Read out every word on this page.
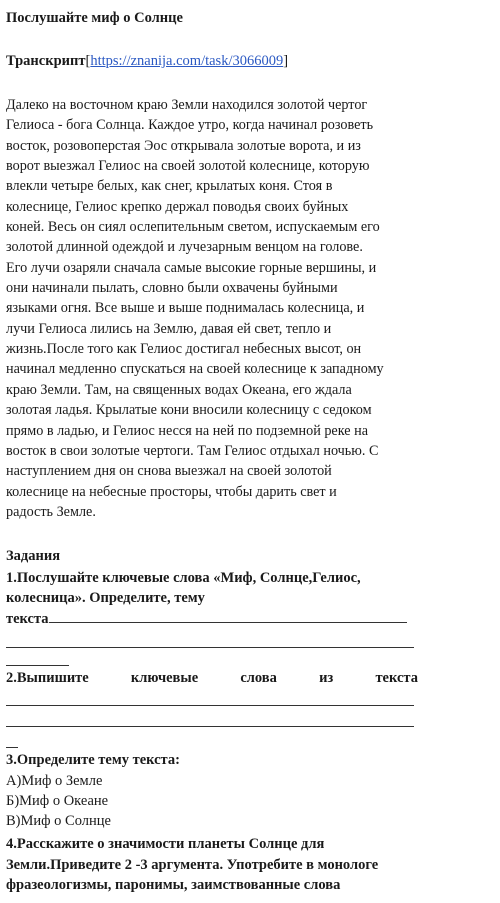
Послушайте миф о Солнце
Транскрипт[https://znanija.com/task/3066009]

Далеко на восточном краю Земли находился золотой чертог

Гелиоса - бога Солнца. Каждое утро, когда начинал розоветь

восток, розовоперстая Эос открывала золотые ворота, и из

ворот выезжал Гелиос на своей золотой колеснице, которую

влекли четыре белых, как снег, крылатых коня. Стоя в

колеснице, Гелиос крепко держал поводья своих буйных

коней. Весь он сиял ослепительным светом, испускаемым его

золотой длинной одеждой и лучезарным венцом на голове.

Его лучи озаряли сначала самые высокие горные вершины, и

они начинали пылать, словно были охвачены буйными

языками огня. Все выше и выше поднималась колесница, и

лучи Гелиоса лились на Землю, давая ей свет, тепло и

жизнь.После того как Гелиос достигал небесных высот, он

начинал медленно спускаться на своей колеснице к западному

краю Земли. Там, на священных водах Океана, его ждала

золотая ладья. Крылатые кони вносили колесницу с седоком

прямо в ладью, и Гелиос несся на ней по подземной реке на

восток в свои золотые чертоги. Там Гелиос отдыхал ночью. С

наступлением дня он снова выезжал на своей золотой

колеснице на небесные просторы, чтобы дарить свет и

радость Земле.

Задания
1.Послушайте ключевые слова «Миф, Солнце,Гелиос,
колесница». Определите, тему
текста
2.Выпишите	ключевые	слова	из	текста
3.Определите тему текста:
А)Миф о Земле
Б)Миф о Океане
В)Миф о Солнце
4.Расскажите о значимости планеты Солнце для
Земли.Приведите 2 -3 аргумента. Употребите в монологе
фразеологизмы, паронимы, заимствованные слова
